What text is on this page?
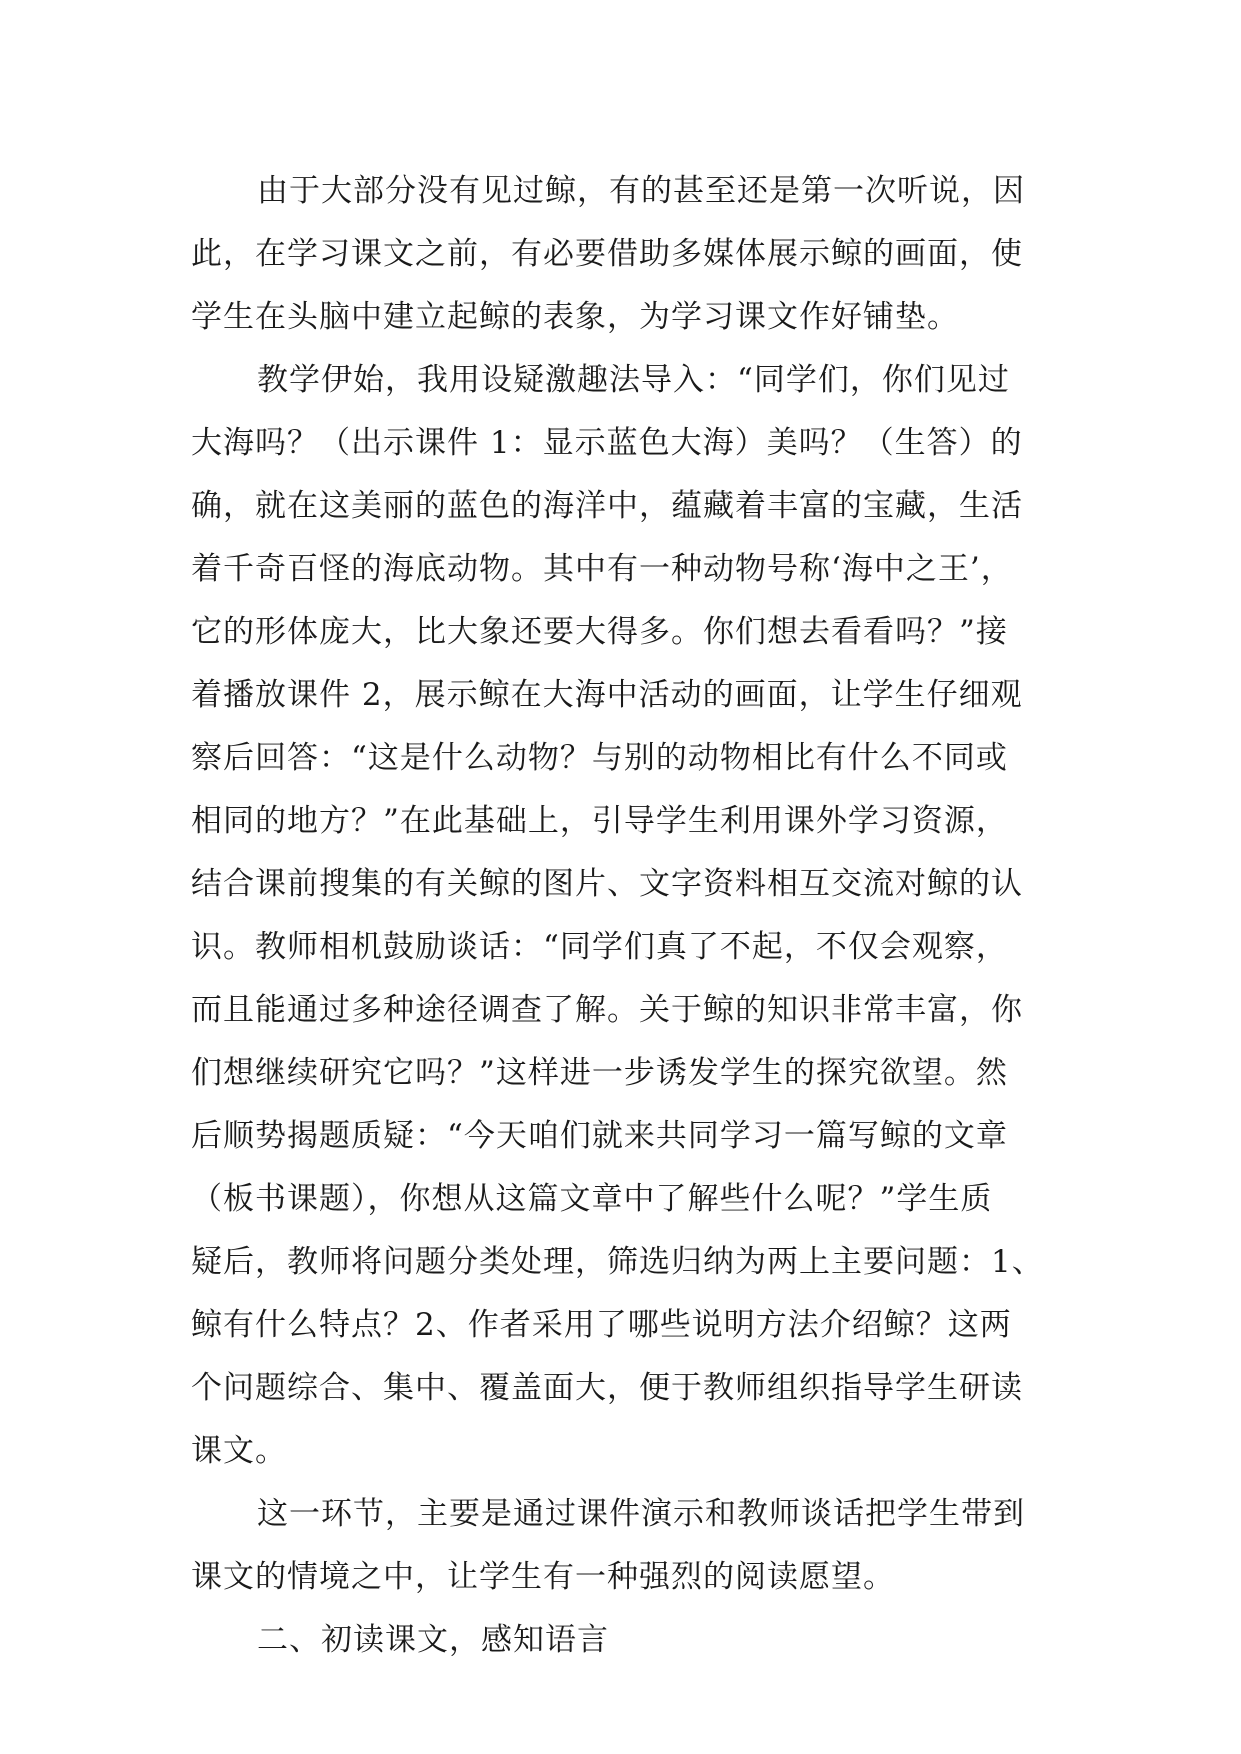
由于大部分没有见过鲸，有的甚至还是第一次听说，因
此，在学习课文之前，有必要借助多媒体展示鲸的画面，使
学生在头脑中建立起鲸的表象，为学习课文作好铺垫。
教学伊始，我用设疑激趣法导入：“同学们，你们见过
大海吗？（出示课件 1：显示蓝色大海）美吗？（生答）的
确，就在这美丽的蓝色的海洋中，蕴藏着丰富的宝藏，生活
着千奇百怪的海底动物。其中有一种动物号称‘海中之王’，
它的形体庞大，比大象还要大得多。你们想去看看吗？”接
着播放课件 2，展示鲸在大海中活动的画面，让学生仔细观
察后回答：“这是什么动物？与别的动物相比有什么不同或
相同的地方？”在此基础上，引导学生利用课外学习资源，
结合课前搜集的有关鲸的图片、文字资料相互交流对鲸的认
识。教师相机鼓励谈话：“同学们真了不起，不仅会观察，
而且能通过多种途径调查了解。关于鲸的知识非常丰富，你
们想继续研究它吗？”这样进一步诱发学生的探究欲望。然
后顺势揭题质疑：“今天咱们就来共同学习一篇写鲸的文章
（板书课题），你想从这篇文章中了解些什么呢？”学生质
疑后，教师将问题分类处理，筛选归纳为两上主要问题：1、
鲸有什么特点？2、作者采用了哪些说明方法介绍鲸？这两
个问题综合、集中、覆盖面大，便于教师组织指导学生研读
课文。
这一环节，主要是通过课件演示和教师谈话把学生带到
课文的情境之中，让学生有一种强烈的阅读愿望。
二、初读课文，感知语言
